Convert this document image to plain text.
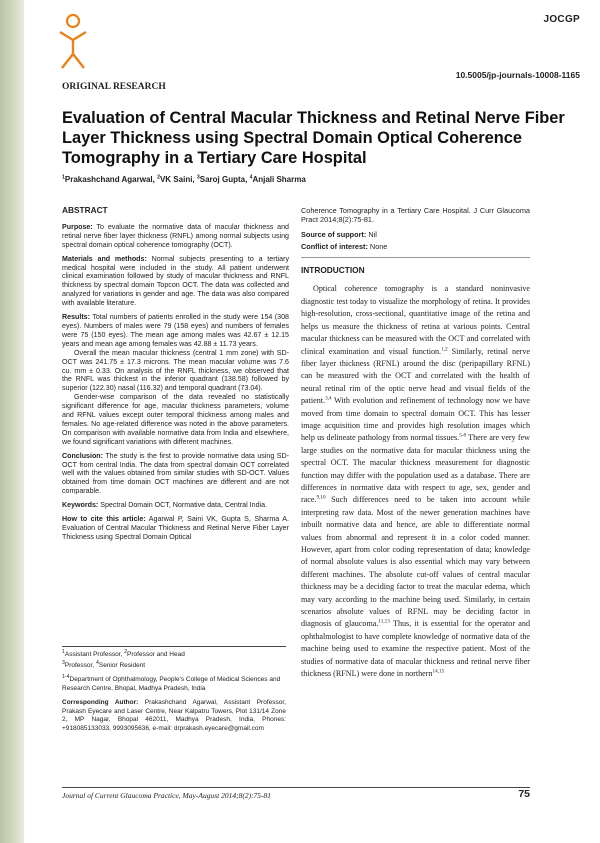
JOCGP
10.5005/jp-journals-10008-1165
ORIGINAL RESEARCH
Evaluation of Central Macular Thickness and Retinal Nerve Fiber Layer Thickness using Spectral Domain Optical Coherence Tomography in a Tertiary Care Hospital
$^1$Prakashchand Agarwal, $^2$VK Saini, $^3$Saroj Gupta, $^4$Anjali Sharma
ABSTRACT

Purpose: To evaluate the normative data of macular thickness and retinal nerve fiber layer thickness (RNFL) among normal subjects using spectral domain optical coherence tomography (OCT).

Materials and methods: Normal subjects presenting to a tertiary medical hospital were included in the study. All patient underwent clinical examination followed by study of macular thickness and RNFL thickness by spectral domain Topcon OCT. The data was collected and analyzed for variations in gender and age. The data was also compared with available literature.

Results: Total numbers of patients enrolled in the study were 154 (308 eyes). Numbers of males were 79 (158 eyes) and numbers of females were 75 (150 eyes). The mean age among males was 42.67 ± 12.15 years and mean age among females was 42.88 ± 11.73 years.

Overall the mean macular thickness (central 1 mm zone) with SD-OCT was 241.75 ± 17.3 microns. The mean macular volume was 7.6 cu. mm ± 0.33. On analysis of the RNFL thickness, we observed that the RNFL was thickest in the inferior quadrant (138.58) followed by superior (122.30) nasal (116.32) and temporal quadrant (73.04).

Gender-wise comparison of the data revealed no statistically significant difference for age, macular thickness parameters, volume and RFNL values except outer temporal thickness among males and females. No age-related difference was noted in the above parameters. On comparison with available normative data from India and elsewhere, we found significant variations with different machines.

Conclusion: The study is the first to provide normative data using SD-OCT from central India. The data from spectral domain OCT correlated well with the values obtained from similar studies with SD-OCT. Values obtained from time domain OCT machines are different and are not comparable.

Keywords: Spectral Domain OCT, Normative data, Central India.

How to cite this article: Agarwal P, Saini VK, Gupta S, Sharma A. Evaluation of Central Macular Thickness and Retinal Nerve Fiber Layer Thickness using Spectral Domain Optical

Coherence Tomography in a Tertiary Care Hospital. J Curr Glaucoma Pract 2014;8(2):75-81.

Source of support: Nil

Conflict of interest: None

INTRODUCTION
Optical coherence tomography is a standard noninvasive diagnostic test today to visualize the morphology of retina. It provides high-resolution, cross-sectional, quantitative image of the retina and helps us measure the thickness of retina at various points. Central macular thickness can be measured with the OCT and correlated with clinical examination and visual function.$^{1,2}$ Similarly, retinal nerve fiber layer thickness (RFNL) around the disc (peripapillary RFNL) can be measured with the OCT and correlated with the health of neural retinal rim of the optic nerve head and visual fields of the patient.$^{3,4}$ With evolution and refinement of technology now we have moved from time domain to spectral domain OCT. This has lesser image acquisition time and provides high resolution images which help us delineate pathology from normal tissues.$^{5-8}$ There are very few large studies on the normative data for macular thickness using the spectral OCT. The macular thickness measurement for diagnostic function may differ with the population used as a database. There are differences in normative data with respect to age, sex, gender and race.$^{9,10}$ Such differences need to be taken into account while interpreting raw data. Most of the newer generation machines have inbuilt normative data and hence, are able to differentiate normal values from abnormal and represent it in a color coded manner. However, apart from color coding representation of data; knowledge of normal absolute values is also essential which may vary between different machines. The absolute cut-off values of central macular thickness may be a deciding factor to treat the macular edema, which may vary according to the machine being used. Similarly, in certain scenarios absolute values of RFNL may be deciding factor in diagnosis of glaucoma.$^{11,13}$ Thus, it is essential for the operator and ophthalmologist to have complete knowledge of normative data of the machine being used to examine the respective patient. Most of the studies of normative data of macular thickness and retinal nerve fiber thickness (RFNL) were done in northern$^{14,15}$
$^1$Assistant Professor, $^2$Professor and Head
$^3$Professor, $^4$Senior Resident
$^{1-4}$Department of Ophthalmology, People's College of Medical Sciences and Research Centre, Bhopal, Madhya Pradesh, India
Corresponding Author: Prakashchand Agarwal, Assistant Professor, Prakash Eyecare and Laser Centre, Near Kalpatru Towers, Plot 131/14 Zone 2, MP Nagar, Bhopal 462011, Madhya Pradesh, India, Phones: +918085133033, 9993095636, e-mail: drprakash.eyecare@gmail.com
Journal of Current Glaucoma Practice, May-August 2014;8(2):75-81	75
